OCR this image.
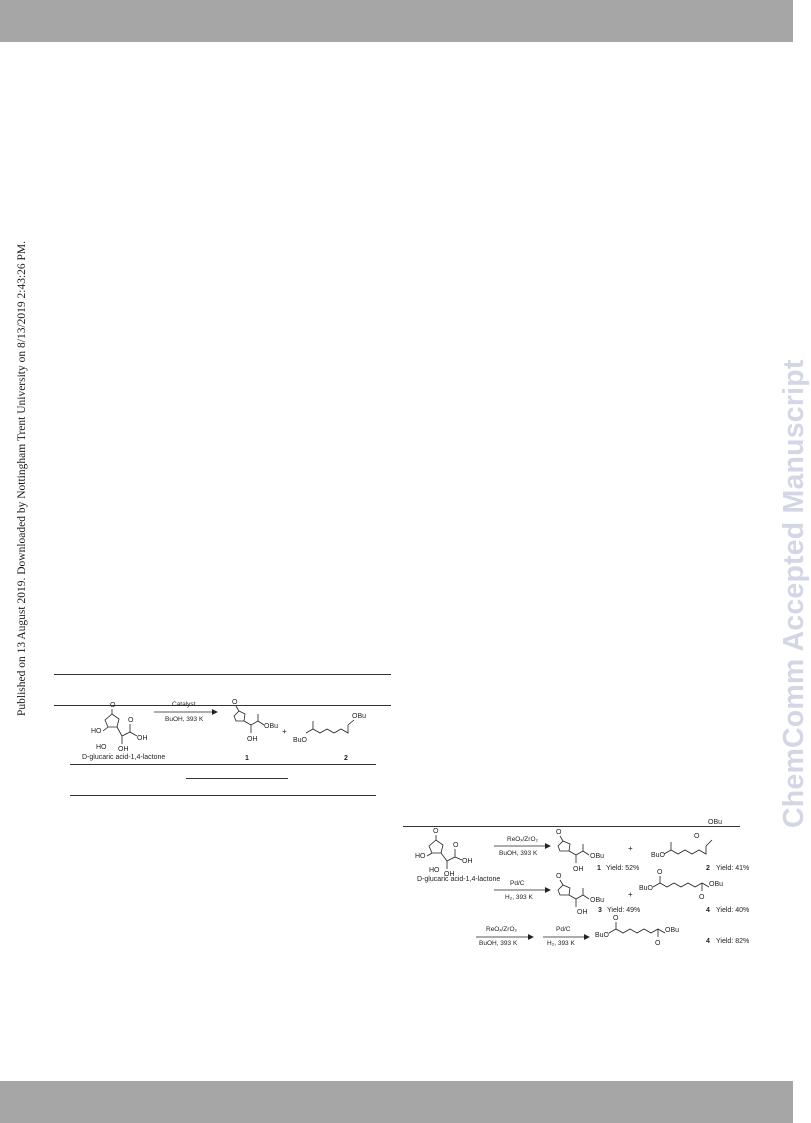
Published on 13 August 2019. Downloaded by Nottingham Trent University on 8/13/2019 2:43:26 PM.	ChemComm Accepted Manuscript
O
HO
OH
O
HO OH
D-glucaric acid-1,4-lactone
Catalyst
BuOH, 393 K
O
OBu
OH
1
+
BuO
OBu
2
O
HO
OH
O
HO
OH
D-glucaric acid-1,4-lactone
ReOₓ/ZrO₂
BuOH, 393 K
O
OBu
OH 1 Yield: 52%
+
BuO
O
OBu
2 Yield: 41%
Pd/C
H₂, 393 K
O
OBu
OH 3 Yield: 49%
+
BuO
O
OBu
O
4 Yield: 40%
ReOₓ/ZrO₂
BuOH, 393 K
Pd/C
H₂, 393 K
BuO
O
OBu
O	4 Yield: 82%
